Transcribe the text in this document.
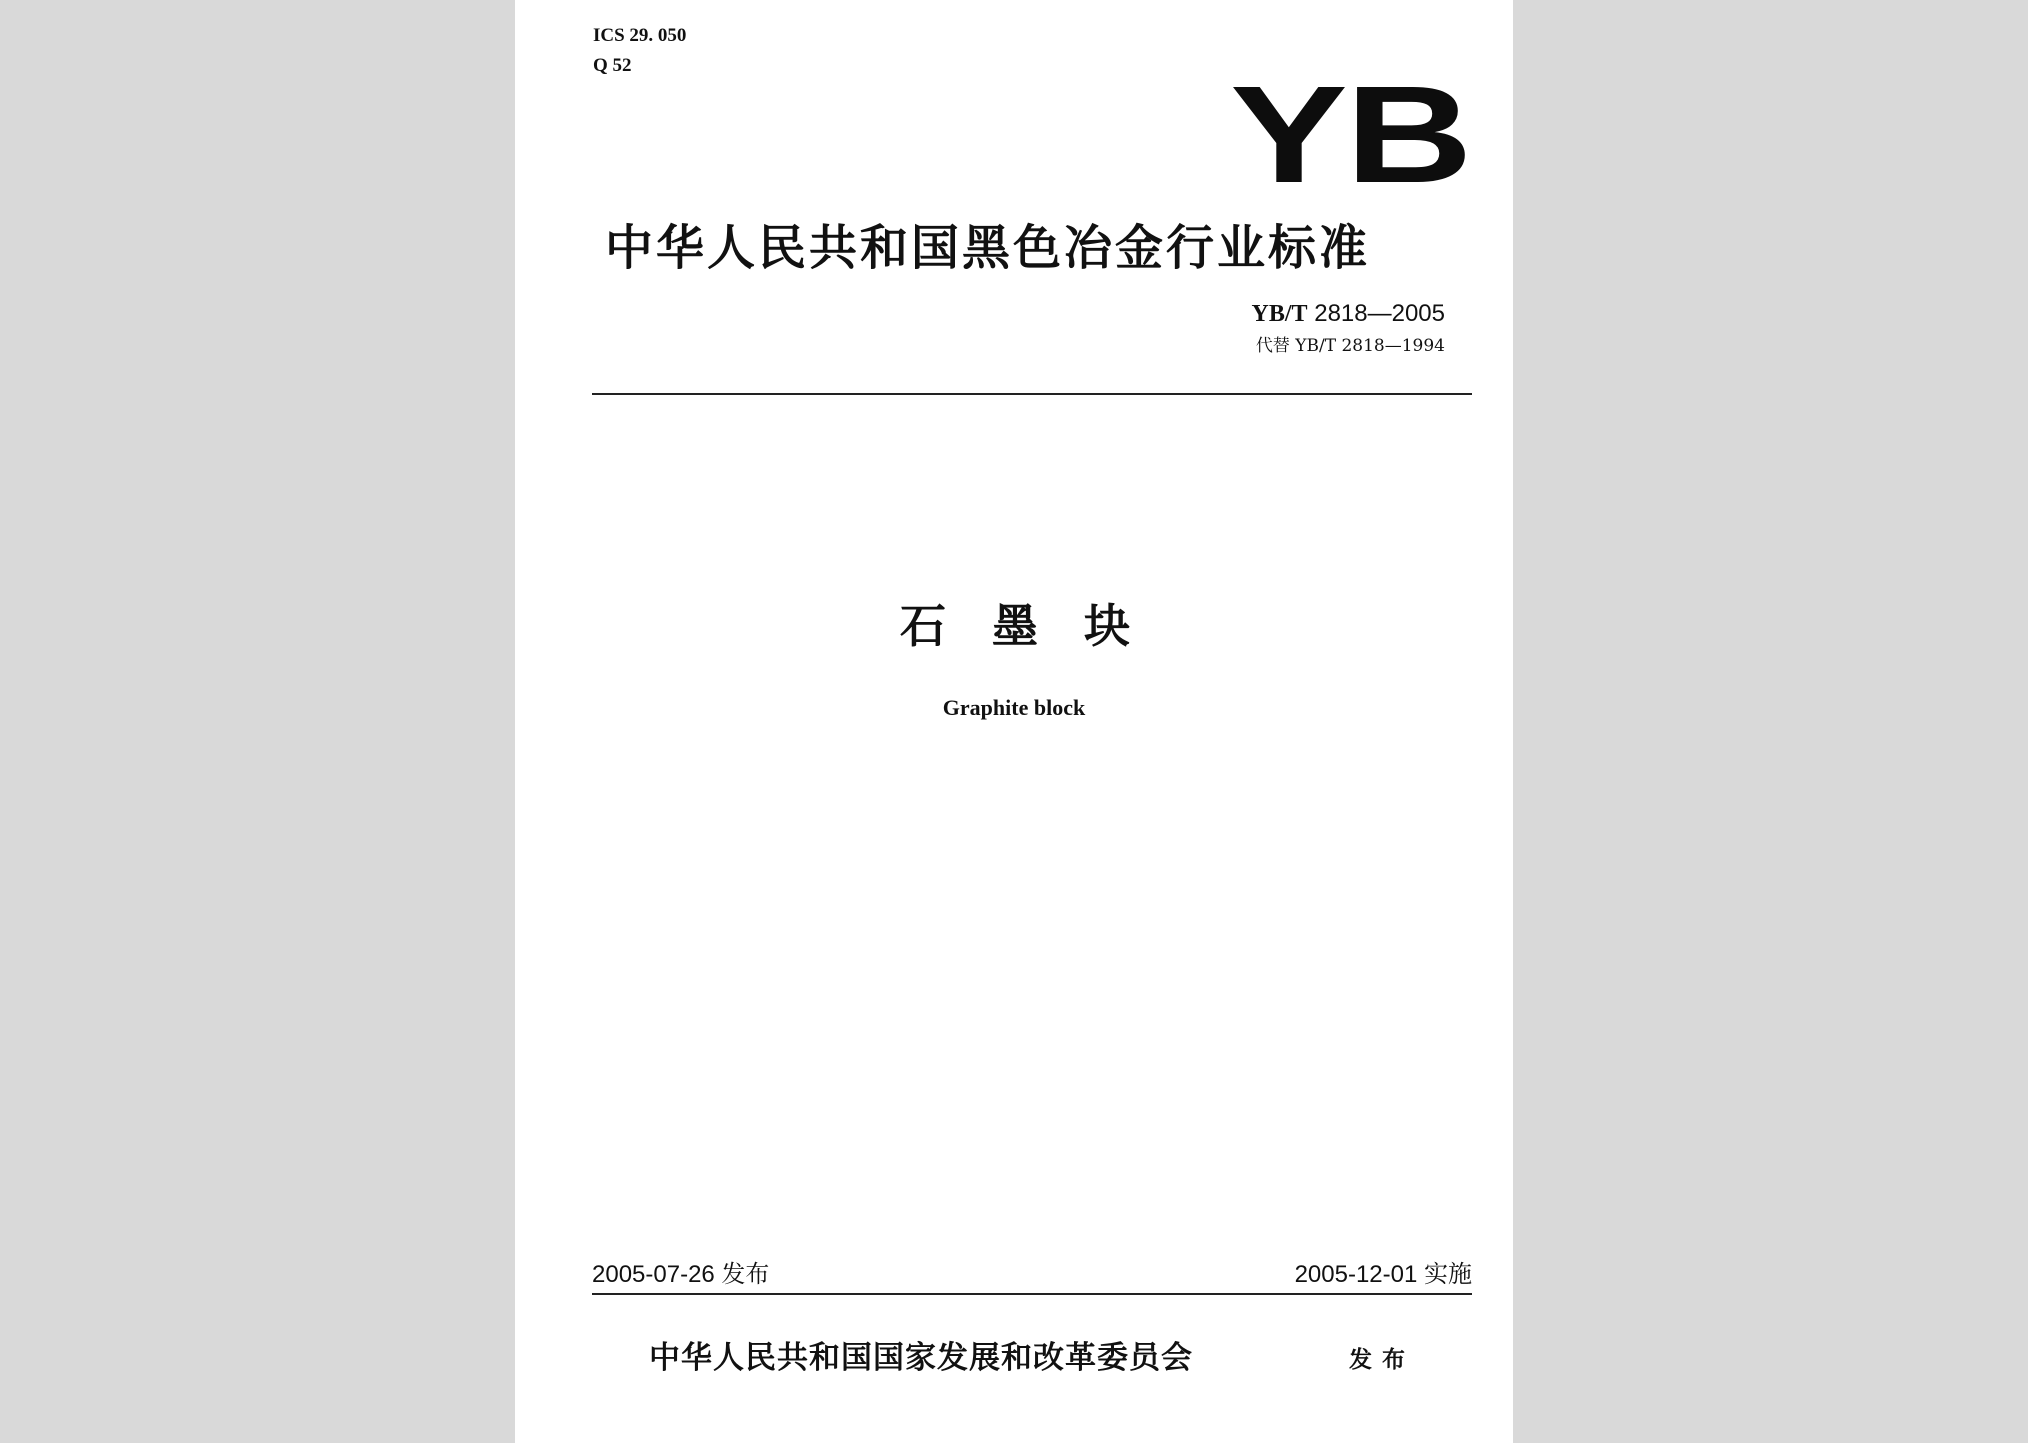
ICS 29. 050
Q 52	YB
中华人民共和国黑色冶金行业标准
YB/T 2818—2005
代替 YB/T 2818—1994
石墨块
Graphite block
2005-07-26 发布	2005-12-01 实施
中华人民共和国国家发展和改革委员会	发布
